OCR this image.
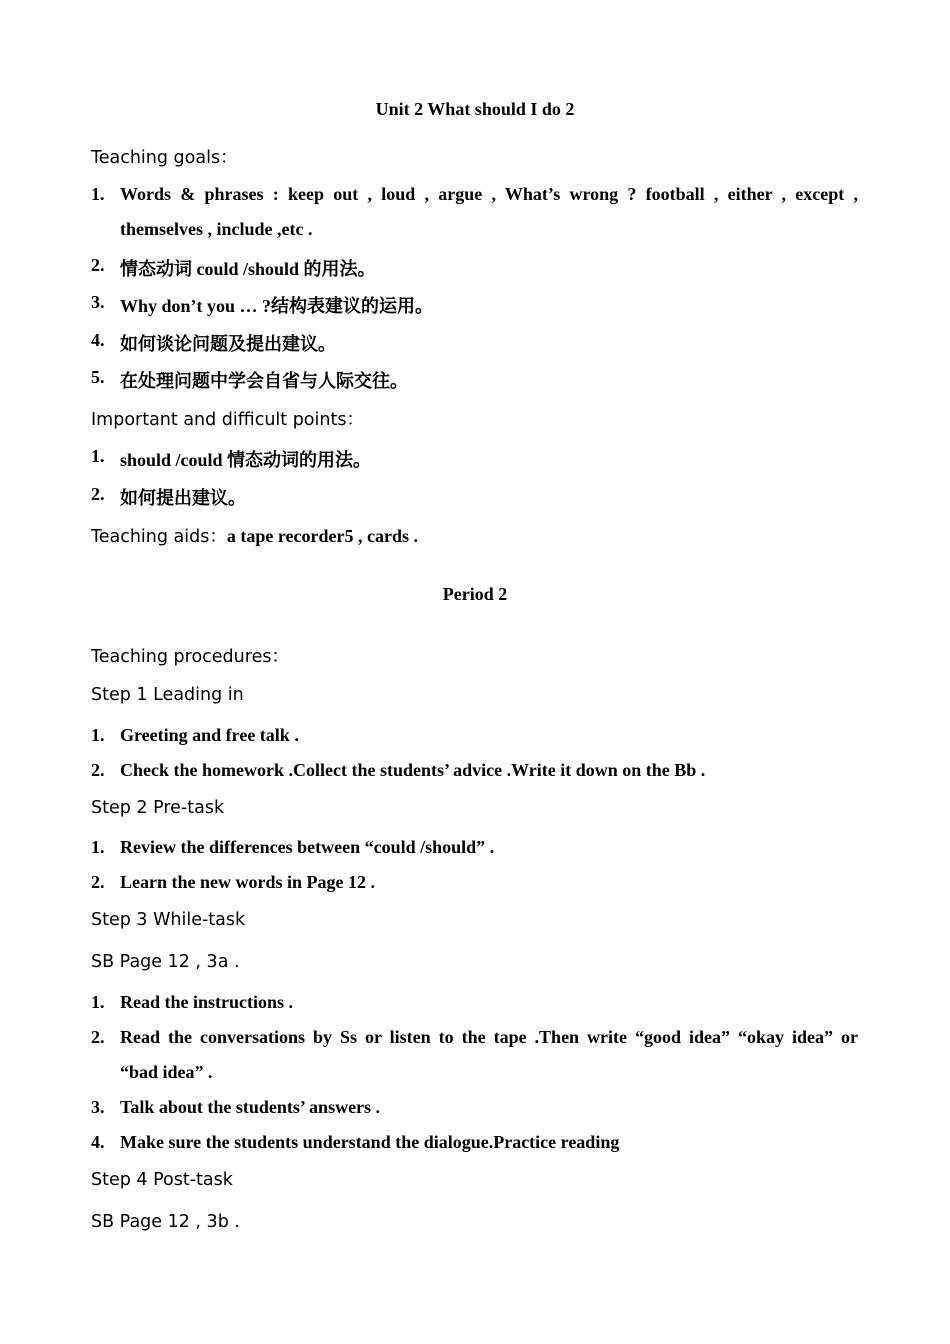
Unit 2 What should I do 2
Teaching goals：
1. Words & phrases : keep out , loud , argue , What’s wrong ? football , either , except ,
themselves , include ,etc .
2. 情态动词 could /should 的用法。
3. Why don’t you … ?结构表建议的运用。
4. 如何谈论问题及提出建议。
5. 在处理问题中学会自省与人际交往。
Important and difficult points：
1. should /could 情态动词的用法。
2. 如何提出建议。
Teaching aids：a tape recorder5 , cards .
Period 2
Teaching procedures：
Step 1 Leading in
1. Greeting and free talk .
2. Check the homework .Collect the students’ advice .Write it down on the Bb .
Step 2 Pre-task
1. Review the differences between “could /should” .
2. Learn the new words in Page 12 .
Step 3 While-task
SB Page 12 , 3a .
1. Read the instructions .
2. Read the conversations by Ss or listen to the tape .Then write “good idea” “okay idea” or
“bad idea” .
3. Talk about the students’ answers .
4. Make sure the students understand the dialogue.Practice reading
Step 4 Post-task
SB Page 12 , 3b .
